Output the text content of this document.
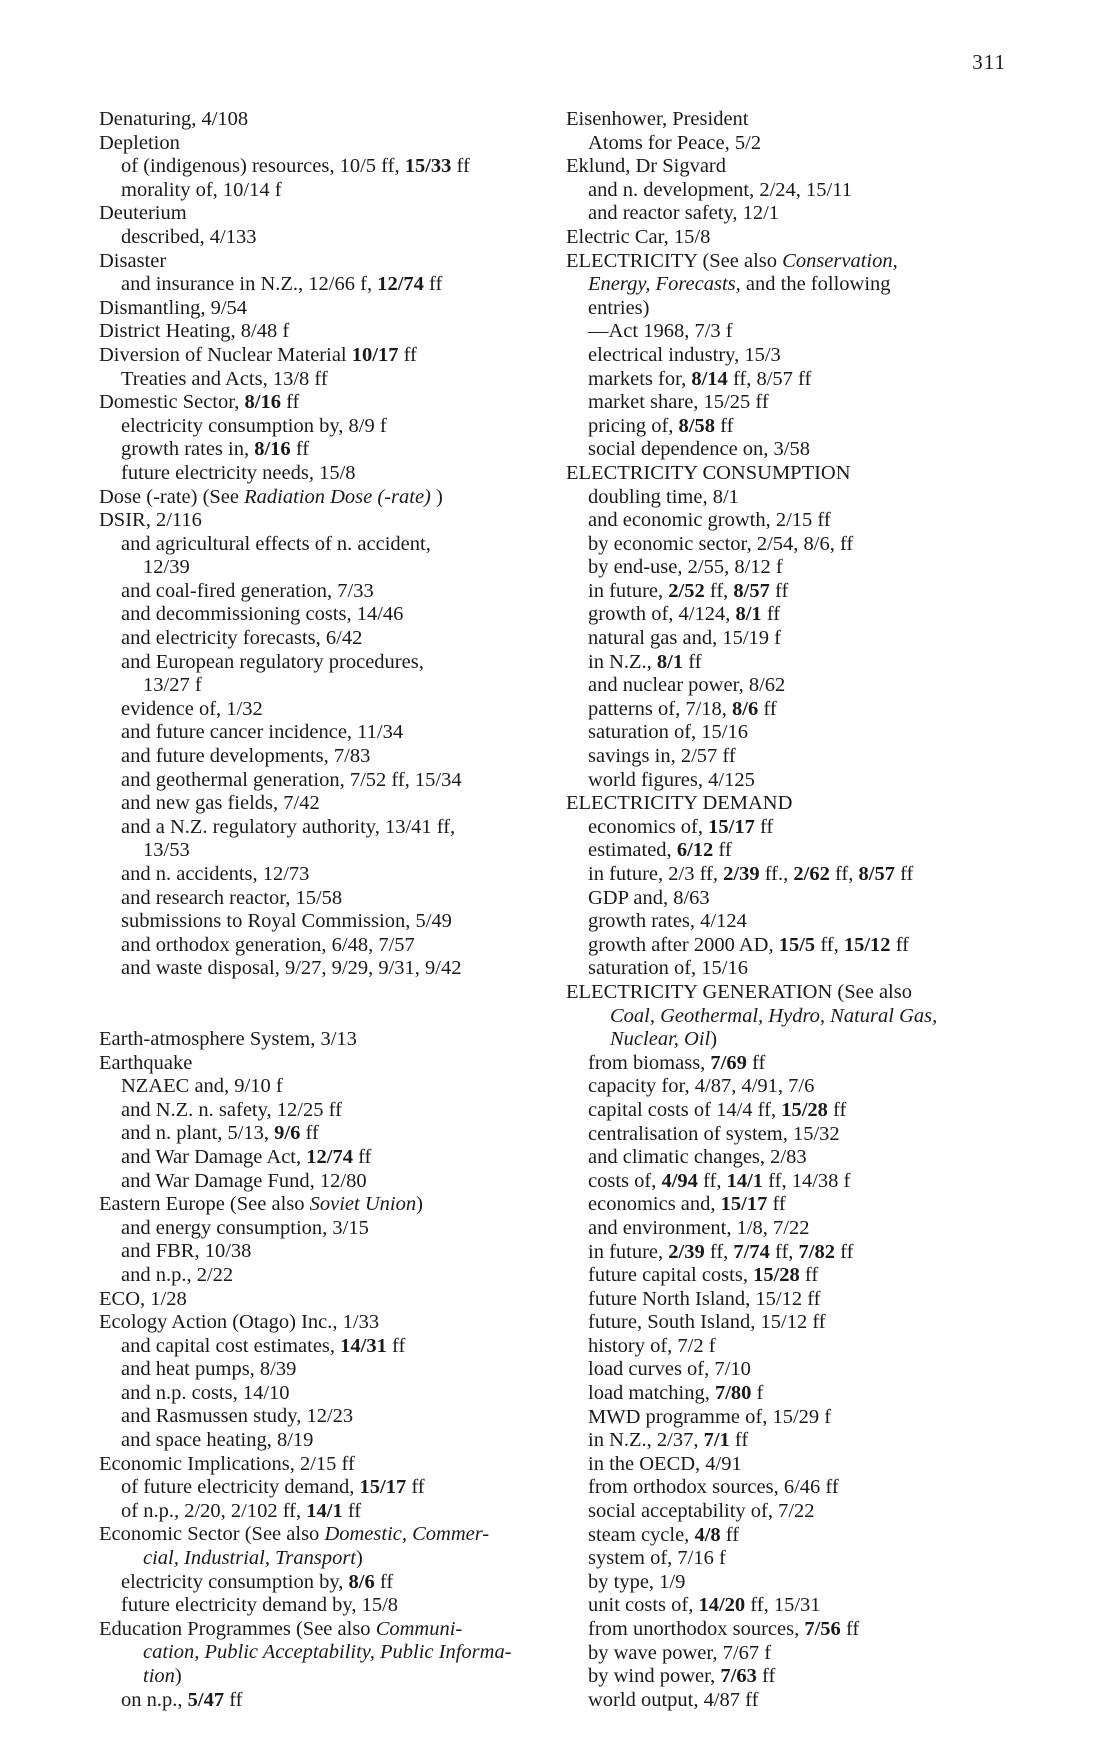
311
Denaturing, 4/108
Depletion
of (indigenous) resources, 10/5 ff, 15/33 ff
morality of, 10/14 f
Deuterium
described, 4/133
Disaster
and insurance in N.Z., 12/66 f, 12/74 ff
Dismantling, 9/54
District Heating, 8/48 f
Diversion of Nuclear Material 10/17 ff
Treaties and Acts, 13/8 ff
Domestic Sector, 8/16 ff
electricity consumption by, 8/9 f
growth rates in, 8/16 ff
future electricity needs, 15/8
Dose (-rate) (See Radiation Dose (-rate) )
DSIR, 2/116
and agricultural effects of n. accident,
12/39
and coal-fired generation, 7/33
and decommissioning costs, 14/46
and electricity forecasts, 6/42
and European regulatory procedures,
13/27 f
evidence of, 1/32
and future cancer incidence, 11/34
and future developments, 7/83
and geothermal generation, 7/52 ff, 15/34
and new gas fields, 7/42
and a N.Z. regulatory authority, 13/41 ff,
13/53
and n. accidents, 12/73
and research reactor, 15/58
submissions to Royal Commission, 5/49
and orthodox generation, 6/48, 7/57
and waste disposal, 9/27, 9/29, 9/31, 9/42
Earth-atmosphere System, 3/13
Earthquake
NZAEC and, 9/10 f
and N.Z. n. safety, 12/25 ff
and n. plant, 5/13, 9/6 ff
and War Damage Act, 12/74 ff
and War Damage Fund, 12/80
Eastern Europe (See also Soviet Union)
and energy consumption, 3/15
and FBR, 10/38
and n.p., 2/22
ECO, 1/28
Ecology Action (Otago) Inc., 1/33
and capital cost estimates, 14/31 ff
and heat pumps, 8/39
and n.p. costs, 14/10
and Rasmussen study, 12/23
and space heating, 8/19
Economic Implications, 2/15 ff
of future electricity demand, 15/17 ff
of n.p., 2/20, 2/102 ff, 14/1 ff
Economic Sector (See also Domestic, Commer-
cial, Industrial, Transport)
electricity consumption by, 8/6 ff
future electricity demand by, 15/8
Education Programmes (See also Communi-
cation, Public Acceptability, Public Informa-
tion)
on n.p., 5/47 ff
Eisenhower, President
Atoms for Peace, 5/2
Eklund, Dr Sigvard
and n. development, 2/24, 15/11
and reactor safety, 12/1
Electric Car, 15/8
ELECTRICITY (See also Conservation,
Energy, Forecasts, and the following
entries)
—Act 1968, 7/3 f
electrical industry, 15/3
markets for, 8/14 ff, 8/57 ff
market share, 15/25 ff
pricing of, 8/58 ff
social dependence on, 3/58
ELECTRICITY CONSUMPTION
doubling time, 8/1
and economic growth, 2/15 ff
by economic sector, 2/54, 8/6, ff
by end-use, 2/55, 8/12 f
in future, 2/52 ff, 8/57 ff
growth of, 4/124, 8/1 ff
natural gas and, 15/19 f
in N.Z., 8/1 ff
and nuclear power, 8/62
patterns of, 7/18, 8/6 ff
saturation of, 15/16
savings in, 2/57 ff
world figures, 4/125
ELECTRICITY DEMAND
economics of, 15/17 ff
estimated, 6/12 ff
in future, 2/3 ff, 2/39 ff., 2/62 ff, 8/57 ff
GDP and, 8/63
growth rates, 4/124
growth after 2000 AD, 15/5 ff, 15/12 ff
saturation of, 15/16
ELECTRICITY GENERATION (See also
Coal, Geothermal, Hydro, Natural Gas,
Nuclear, Oil)
from biomass, 7/69 ff
capacity for, 4/87, 4/91, 7/6
capital costs of 14/4 ff, 15/28 ff
centralisation of system, 15/32
and climatic changes, 2/83
costs of, 4/94 ff, 14/1 ff, 14/38 f
economics and, 15/17 ff
and environment, 1/8, 7/22
in future, 2/39 ff, 7/74 ff, 7/82 ff
future capital costs, 15/28 ff
future North Island, 15/12 ff
future, South Island, 15/12 ff
history of, 7/2 f
load curves of, 7/10
load matching, 7/80 f
MWD programme of, 15/29 f
in N.Z., 2/37, 7/1 ff
in the OECD, 4/91
from orthodox sources, 6/46 ff
social acceptability of, 7/22
steam cycle, 4/8 ff
system of, 7/16 f
by type, 1/9
unit costs of, 14/20 ff, 15/31
from unorthodox sources, 7/56 ff
by wave power, 7/67 f
by wind power, 7/63 ff
world output, 4/87 ff
